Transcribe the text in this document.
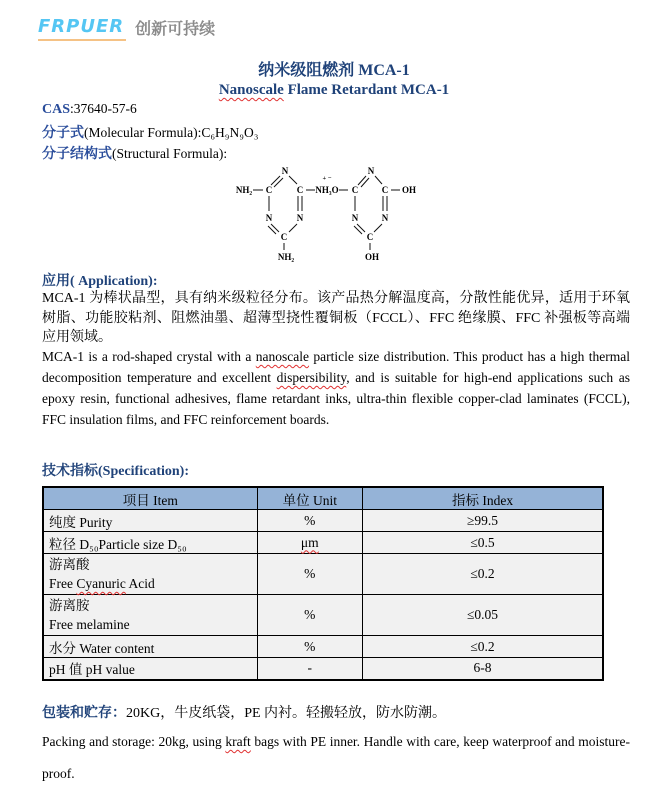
FRPUER 创新可持续
纳米级阻燃剂 MCA-1
Nanoscale Flame Retardant MCA-1
CAS:37640-57-6
分子式(Molecular Formula):C₆H₉N₉O₃
分子结构式(Structural Formula):
NH₂ C
N
C
N	N
C
NH₂
NH₃O
+ −
C
N
C OH
N	N
C
OH
应用( Application):
MCA-1 为棒状晶型，具有纳米级粒径分布。该产品热分解温度高，分散性能优异，适用于环氧树脂、功能胶粘剂、阻燃油墨、超薄型挠性覆铜板（FCCL）、FFC 绝缘膜、FFC 补强板等高端应用领域。
MCA-1 is a rod-shaped crystal with a nanoscale particle size distribution. This product has a high thermal decomposition temperature and excellent dispersibility, and is suitable for high-end applications such as epoxy resin, functional adhesives, flame retardant inks, ultra-thin flexible copper-clad laminates (FCCL), FFC insulation films, and FFC reinforcement boards.
技术指标(Specification):
项目 Item	单位 Unit	指标 Index
纯度 Purity	%	≥99.5
粒径 D₅₀Particle size D₅₀	μm	≤0.5

游离酸
Free Cyanuric Acid	%	≤0.2

游离胺
Free melamine	%	≤0.05
水分 Water content	%	≤0.2
pH 值 pH value	-	6-8
包装和贮存：20KG，牛皮纸袋，PE 内衬。轻搬轻放，防水防潮。
Packing and storage: 20kg, using kraft bags with PE inner. Handle with care, keep waterproof and moisture-proof.
